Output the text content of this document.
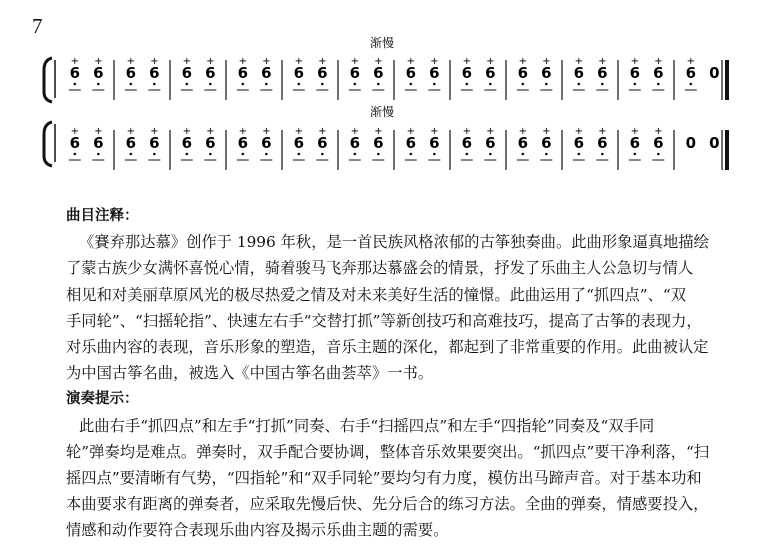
7
渐慢
渐慢
6
+
6
+
6
+
6
+
6
+
6
+
6
+
6
+
6
+
6
+
6
+
6
+
6
+
6
+
6
+
6
+
6
+
6
+
6
+
6
+
6
+
6
+
6
+
0
6
+
6
+
6
+
6
+
6
+
6
+
6
+
6
+
6
+
6
+
6
+
6
+
6
+
6
+
6
+
6
+
6
+
6
+
6
+
6
+
6
+
6
+
0 0
曲目注释：
《賽弃那达慕》创作于 1996 年秋，是一首民族风格浓郁的古筝独奏曲。此曲形象逼真地描绘
了蒙古族少女满怀喜悦心情，骑着骏马飞奔那达慕盛会的情景，抒发了乐曲主人公急切与情人
相见和对美丽草原风光的极尽热爱之情及对未来美好生活的憧憬。此曲运用了“抓四点”、“双
手同轮”、“扫摇轮指”、快速左右手“交替打抓”等新创技巧和高难技巧，提高了古筝的表现力，
对乐曲内容的表现，音乐形象的塑造，音乐主题的深化，都起到了非常重要的作用。此曲被认定
为中国古筝名曲，被选入《中国古筝名曲荟萃》一书。
演奏提示：
此曲右手“抓四点”和左手“打抓”同奏、右手“扫摇四点”和左手“四指轮”同奏及“双手同
轮”弹奏均是难点。弹奏时，双手配合要协调，整体音乐效果要突出。“抓四点”要干净利落，“扫
摇四点”要清晰有气势，“四指轮”和“双手同轮”要均匀有力度，模仿出马蹄声音。对于基本功和
本曲要求有距离的弹奏者，应采取先慢后快、先分后合的练习方法。全曲的弹奏，情感要投入，
情感和动作要符合表现乐曲内容及揭示乐曲主题的需要。
